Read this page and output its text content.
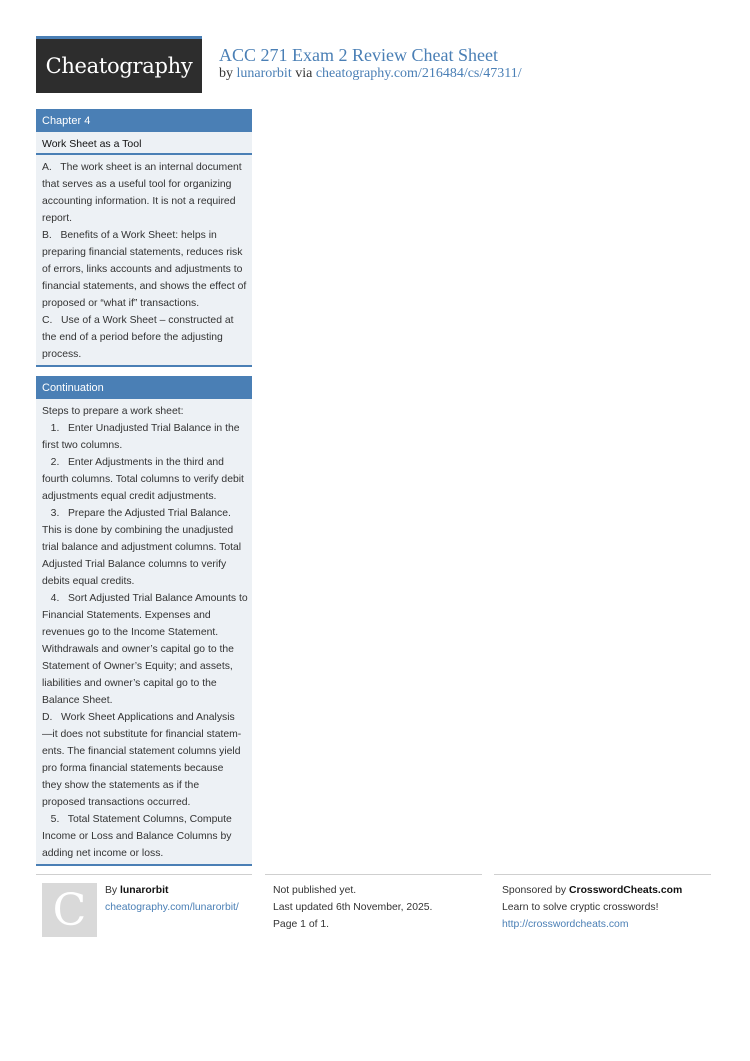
Cheatography ACC 271 Exam 2 Review Cheat Sheet
by lunarorbit via cheatography.com/216484/cs/47311/
Chapter 4
Work Sheet as a Tool
A.   The work sheet is an internal document
that serves as a useful tool for organizing
accounting information. It is not a required
report.
B.   Benefits of a Work Sheet: helps in
preparing financial statements, reduces risk
of errors, links accounts and adjustments to
financial statements, and shows the effect of
proposed or “what if” transactions.
C.   Use of a Work Sheet – constructed at
the end of a period before the adjusting
process.
Continuation
Steps to prepare a work sheet:
1.   Enter Unadjusted Trial Balance in the
first two columns.
2.   Enter Adjustments in the third and
fourth columns. Total columns to verify debit
adjustments equal credit adjustments.
3.   Prepare the Adjusted Trial Balance.
This is done by combining the unadjusted
trial balance and adjustment columns. Total
Adjusted Trial Balance columns to verify
debits equal credits.
4.   Sort Adjusted Trial Balance Amounts to
Financial Statements. Expenses and
revenues go to the Income Statement.
Withdrawals and owner’s capital go to the
Statement of Owner’s Equity; and assets,
liabilities and owner’s capital go to the
Balance Sheet.
D.   Work Sheet Applications and Analysis
—it does not substitute for financial statem-
ents. The financial statement columns yield
pro forma financial statements because
they show the statements as if the
proposed transactions occurred.
5.   Total Statement Columns, Compute
Income or Loss and Balance Columns by
adding net income or loss.
C	By lunarorbit
cheatography.com/lunarorbit/
Not published yet.
Last updated 6th November, 2025.
Page 1 of 1.
Sponsored by CrosswordCheats.com
Learn to solve cryptic crosswords!
http://crosswordcheats.com
